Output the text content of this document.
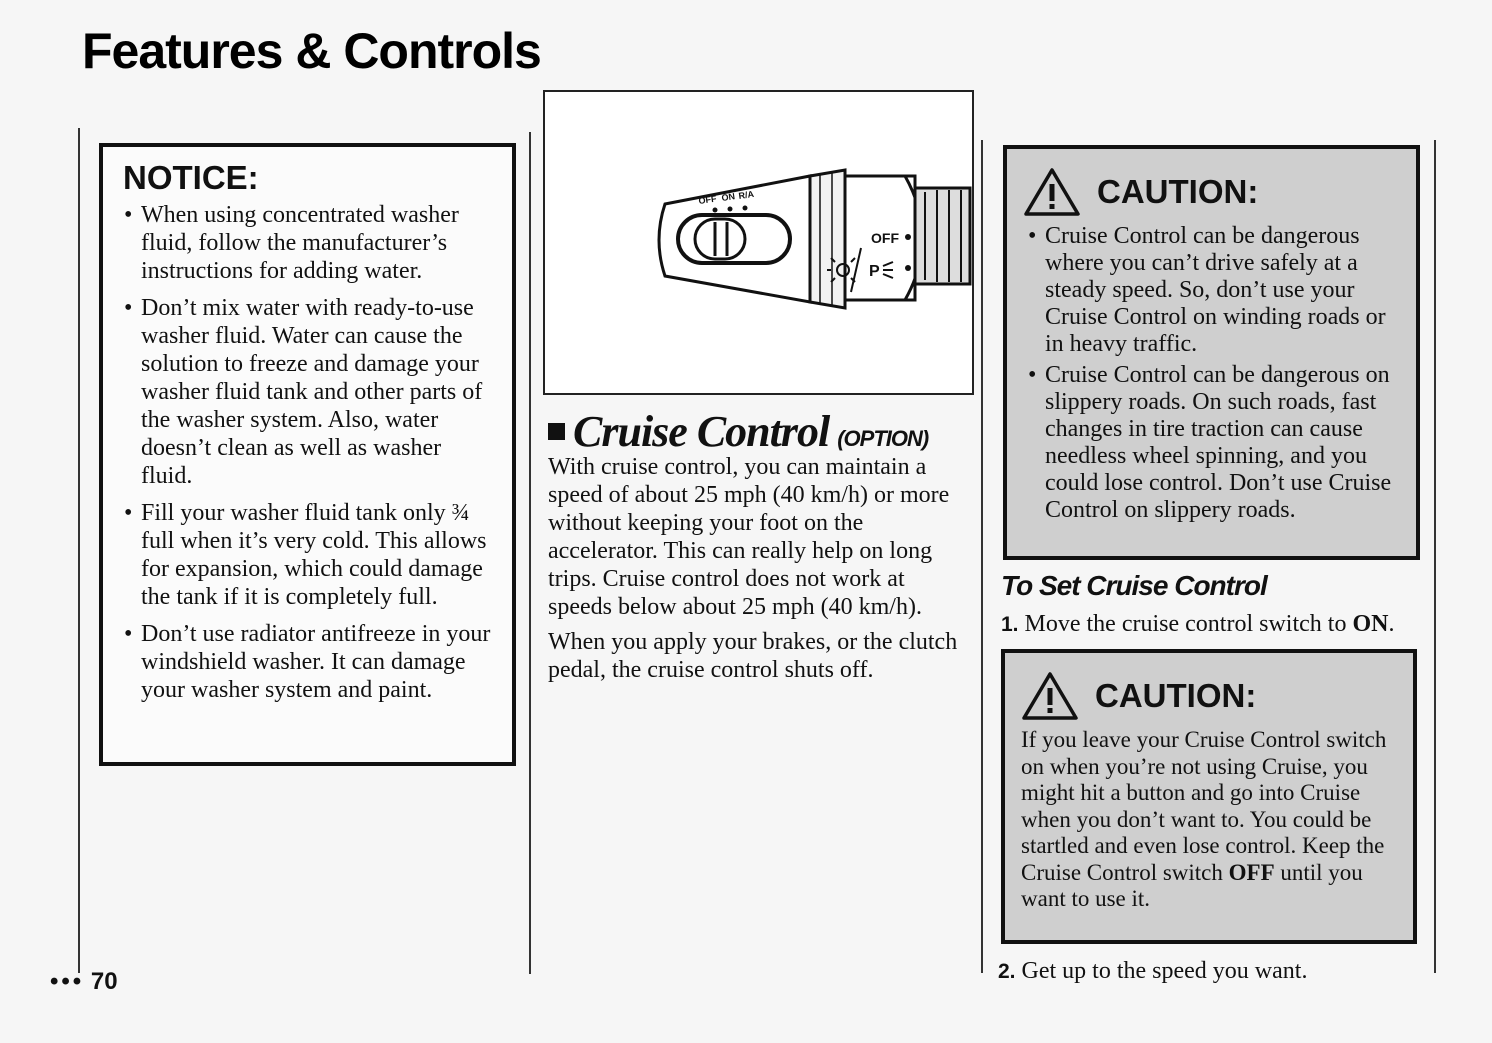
Features & Controls
NOTICE:
• When using concentrated washer fluid, follow the manufacturer’s instructions for adding water.
• Don’t mix water with ready-to-use washer fluid. Water can cause the solution to freeze and damage your washer fluid tank and other parts of the washer system. Also, water doesn’t clean as well as washer fluid.
• Fill your washer fluid tank only ¾ full when it’s very cold. This allows for expansion, which could damage the tank if it is completely full.
• Don’t use radiator antifreeze in your windshield washer. It can damage your washer system and paint.
P
OFF ON R/A
OFF
Cruise Control (OPTION)

With cruise control, you can maintain a speed of about 25 mph (40 km/h) or more without keeping your foot on the accelerator. This can really help on long trips. Cruise control does not work at speeds below about 25 mph (40 km/h).

When you apply your brakes, or the clutch pedal, the cruise control shuts off.

CAUTION:
• Cruise Control can be dangerous where you can’t drive safely at a steady speed. So, don’t use your Cruise Control on winding roads or in heavy traffic.
• Cruise Control can be dangerous on slippery roads. On such roads, fast changes in tire traction can cause needless wheel spinning, and you could lose control. Don’t use Cruise Control on slippery roads.
To Set Cruise Control

1. Move the cruise control switch to ON.

CAUTION:

If you leave your Cruise Control switch on when you’re not using Cruise, you might hit a button and go into Cruise when you don’t want to. You could be startled and even lose control. Keep the Cruise Control switch OFF until you want to use it.

2. Get up to the speed you want.

••• 70
